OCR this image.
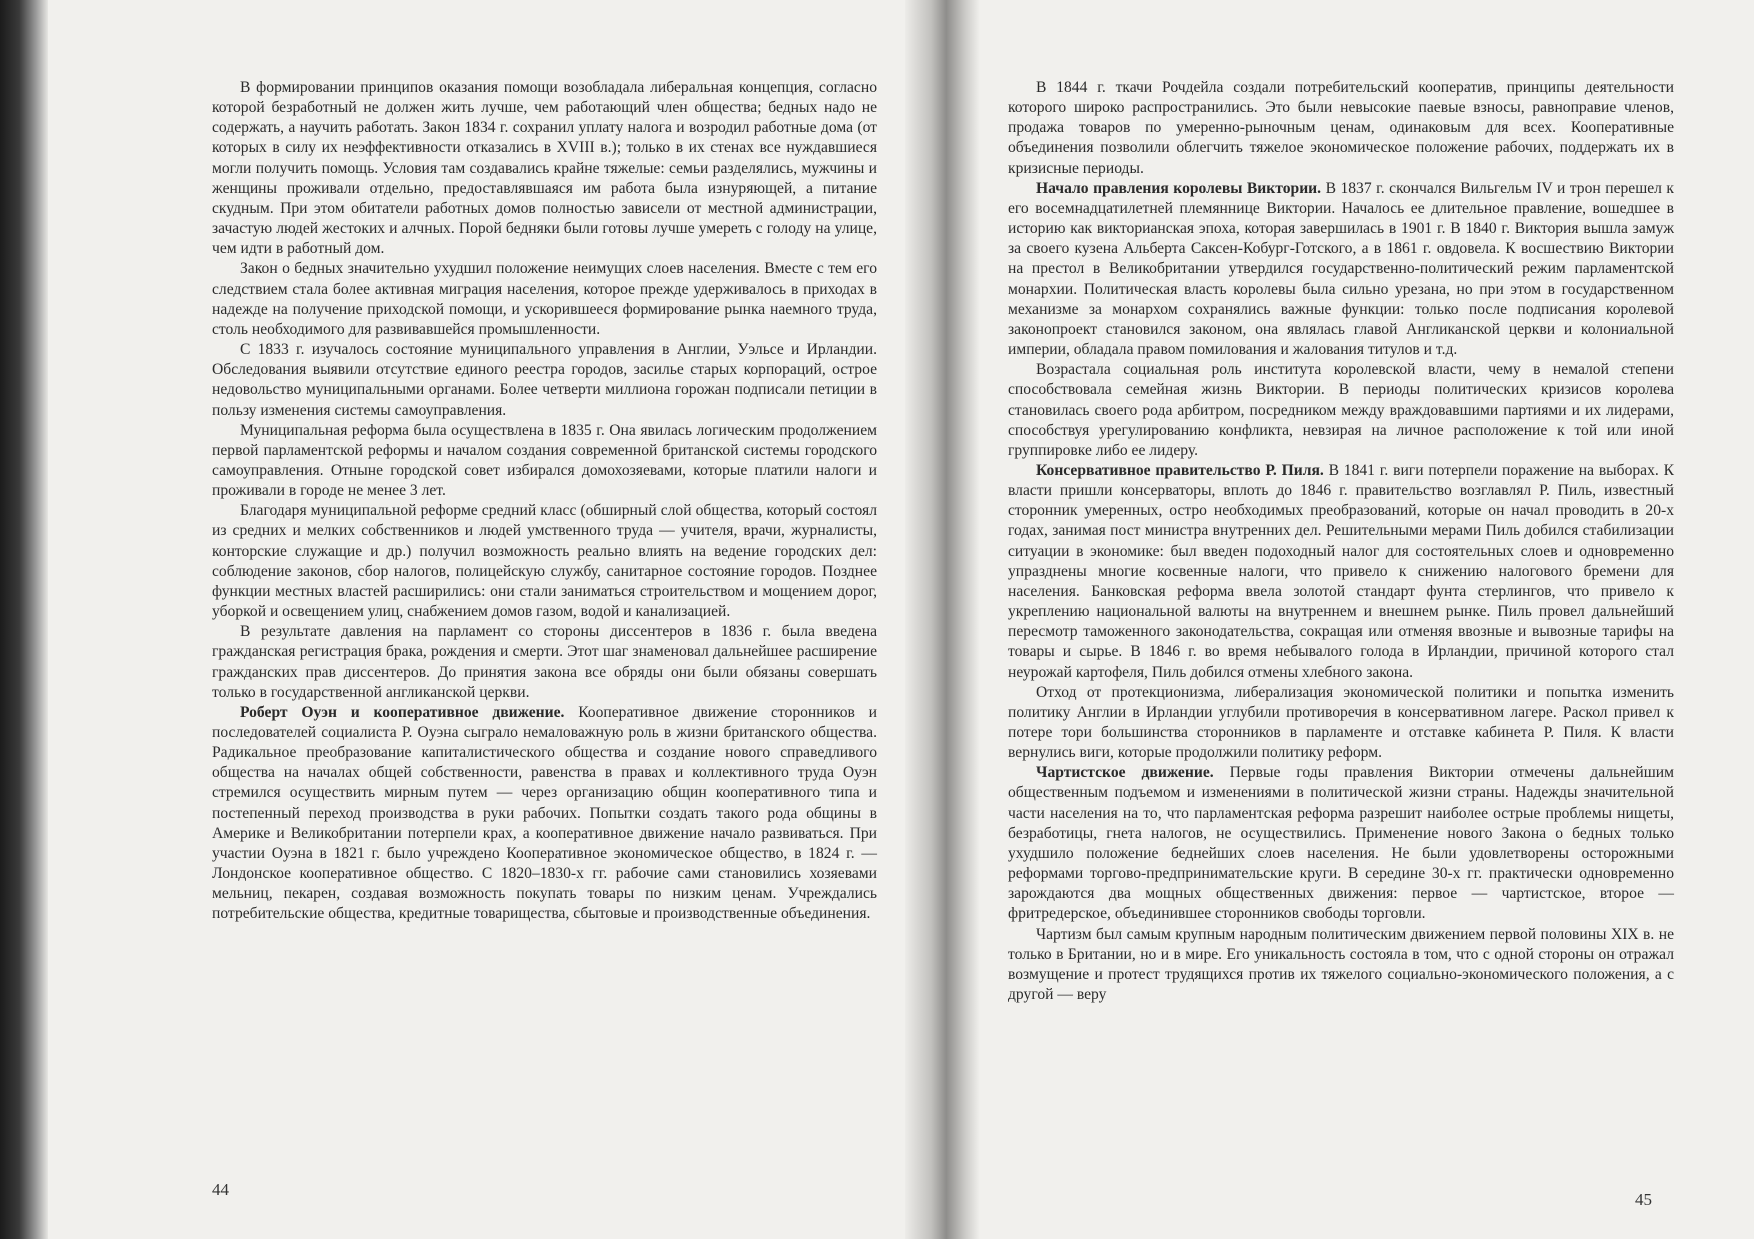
В формировании принципов оказания помощи возобладала либеральная концепция, согласно которой безработный не должен жить лучше, чем работающий член общества; бедных надо не содержать, а научить работать. Закон 1834 г. сохранил уплату налога и возродил работные дома (от которых в силу их неэффективности отказались в XVIII в.); только в их стенах все нуждавшиеся могли получить помощь. Условия там создавались крайне тяжелые: семьи разделялись, мужчины и женщины проживали отдельно, предоставлявшаяся им работа была изнуряющей, а питание скудным. При этом обитатели работных домов полностью зависели от местной администрации, зачастую людей жестоких и алчных. Порой бедняки были готовы лучше умереть с голоду на улице, чем идти в работный дом.

Закон о бедных значительно ухудшил положение неимущих слоев населения. Вместе с тем его следствием стала более активная миграция населения, которое прежде удерживалось в приходах в надежде на получение приходской помощи, и ускорившееся формирование рынка наемного труда, столь необходимого для развивавшейся промышленности.

С 1833 г. изучалось состояние муниципального управления в Англии, Уэльсе и Ирландии. Обследования выявили отсутствие единого реестра городов, засилье старых корпораций, острое недовольство муниципальными органами. Более четверти миллиона горожан подписали петиции в пользу изменения системы самоуправления.

Муниципальная реформа была осуществлена в 1835 г. Она явилась логическим продолжением первой парламентской реформы и началом создания современной британской системы городского самоуправления. Отныне городской совет избирался домохозяевами, которые платили налоги и проживали в городе не менее 3 лет.

Благодаря муниципальной реформе средний класс (обширный слой общества, который состоял из средних и мелких собственников и людей умственного труда — учителя, врачи, журналисты, конторские служащие и др.) получил возможность реально влиять на ведение городских дел: соблюдение законов, сбор налогов, полицейскую службу, санитарное состояние городов. Позднее функции местных властей расширились: они стали заниматься строительством и мощением дорог, уборкой и освещением улиц, снабжением домов газом, водой и канализацией.

В результате давления на парламент со стороны диссентеров в 1836 г. была введена гражданская регистрация брака, рождения и смерти. Этот шаг знаменовал дальнейшее расширение гражданских прав диссентеров. До принятия закона все обряды они были обязаны совершать только в государственной англиканской церкви.

Роберт Оуэн и кооперативное движение. Кооперативное движение сторонников и последователей социалиста Р. Оуэна сыграло немаловажную роль в жизни британского общества. Радикальное преобразование капиталистического общества и создание нового справедливого общества на началах общей собственности, равенства в правах и коллективного труда Оуэн стремился осуществить мирным путем — через организацию общин кооперативного типа и постепенный переход производства в руки рабочих. Попытки создать такого рода общины в Америке и Великобритании потерпели крах, а кооперативное движение начало развиваться. При участии Оуэна в 1821 г. было учреждено Кооперативное экономическое общество, в 1824 г. — Лондонское кооперативное общество. С 1820–1830-х гг. рабочие сами становились хозяевами мельниц, пекарен, создавая возможность покупать товары по низким ценам. Учреждались потребительские общества, кредитные товарищества, сбытовые и производственные объединения.

44

В 1844 г. ткачи Рочдейла создали потребительский кооператив, принципы деятельности которого широко распространились. Это были невысокие паевые взносы, равноправие членов, продажа товаров по умеренно-рыночным ценам, одинаковым для всех. Кооперативные объединения позволили облегчить тяжелое экономическое положение рабочих, поддержать их в кризисные периоды.

Начало правления королевы Виктории. В 1837 г. скончался Вильгельм IV и трон перешел к его восемнадцатилетней племяннице Виктории. Началось ее длительное правление, вошедшее в историю как викторианская эпоха, которая завершилась в 1901 г. В 1840 г. Виктория вышла замуж за своего кузена Альберта Саксен-Кобург-Готского, а в 1861 г. овдовела. К восшествию Виктории на престол в Великобритании утвердился государственно-политический режим парламентской монархии. Политическая власть королевы была сильно урезана, но при этом в государственном механизме за монархом сохранялись важные функции: только после подписания королевой законопроект становился законом, она являлась главой Англиканской церкви и колониальной империи, обладала правом помилования и жалования титулов и т.д.

Возрастала социальная роль института королевской власти, чему в немалой степени способствовала семейная жизнь Виктории. В периоды политических кризисов королева становилась своего рода арбитром, посредником между враждовавшими партиями и их лидерами, способствуя урегулированию конфликта, невзирая на личное расположение к той или иной группировке либо ее лидеру.

Консервативное правительство Р. Пиля. В 1841 г. виги потерпели поражение на выборах. К власти пришли консерваторы, вплоть до 1846 г. правительство возглавлял Р. Пиль, известный сторонник умеренных, остро необходимых преобразований, которые он начал проводить в 20-х годах, занимая пост министра внутренних дел. Решительными мерами Пиль добился стабилизации ситуации в экономике: был введен подоходный налог для состоятельных слоев и одновременно упразднены многие косвенные налоги, что привело к снижению налогового бремени для населения. Банковская реформа ввела золотой стандарт фунта стерлингов, что привело к укреплению национальной валюты на внутреннем и внешнем рынке. Пиль провел дальнейший пересмотр таможенного законодательства, сокращая или отменяя ввозные и вывозные тарифы на товары и сырье. В 1846 г. во время небывалого голода в Ирландии, причиной которого стал неурожай картофеля, Пиль добился отмены хлебного закона.

Отход от протекционизма, либерализация экономической политики и попытка изменить политику Англии в Ирландии углубили противоречия в консервативном лагере. Раскол привел к потере тори большинства сторонников в парламенте и отставке кабинета Р. Пиля. К власти вернулись виги, которые продолжили политику реформ.

Чартистское движение. Первые годы правления Виктории отмечены дальнейшим общественным подъемом и изменениями в политической жизни страны. Надежды значительной части населения на то, что парламентская реформа разрешит наиболее острые проблемы нищеты, безработицы, гнета налогов, не осуществились. Применение нового Закона о бедных только ухудшило положение беднейших слоев населения. Не были удовлетворены осторожными реформами торгово-предпринимательские круги. В середине 30-х гг. практически одновременно зарождаются два мощных общественных движения: первое — чартистское, второе — фритредерское, объединившее сторонников свободы торговли.

Чартизм был самым крупным народным политическим движением первой половины XIX в. не только в Британии, но и в мире. Его уникальность состояла в том, что с одной стороны он отражал возмущение и протест трудящихся против их тяжелого социально-экономического положения, а с другой — веру

45
